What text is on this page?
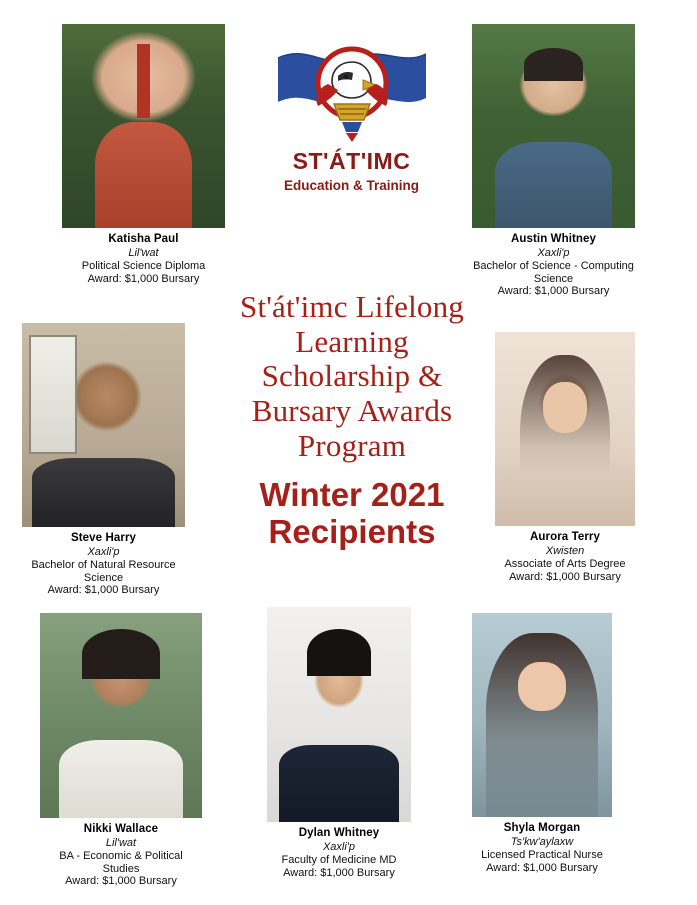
Katisha Paul
Lil'wat
Political Science Diploma
Award: $1,000 Bursary
Austin Whitney
Xaxli'p
Bachelor of Science - Computing Science
Award: $1,000 Bursary
Steve Harry
Xaxli'p
Bachelor of Natural Resource Science
Award: $1,000 Bursary
Aurora Terry
Xwisten
Associate of Arts Degree
Award: $1,000 Bursary
Nikki Wallace
Lil'wat
BA - Economic & Political Studies
Award: $1,000 Bursary
Dylan Whitney
Xaxli'p
Faculty of Medicine MD
Award: $1,000 Bursary
Shyla Morgan
Ts'kw'aylaxw
Licensed Practical Nurse
Award: $1,000 Bursary
ST'ÁT'IMC
Education & Training
St'át'imc Lifelong
Learning
Scholarship &
Bursary Awards
Program
Winter 2021
Recipients
